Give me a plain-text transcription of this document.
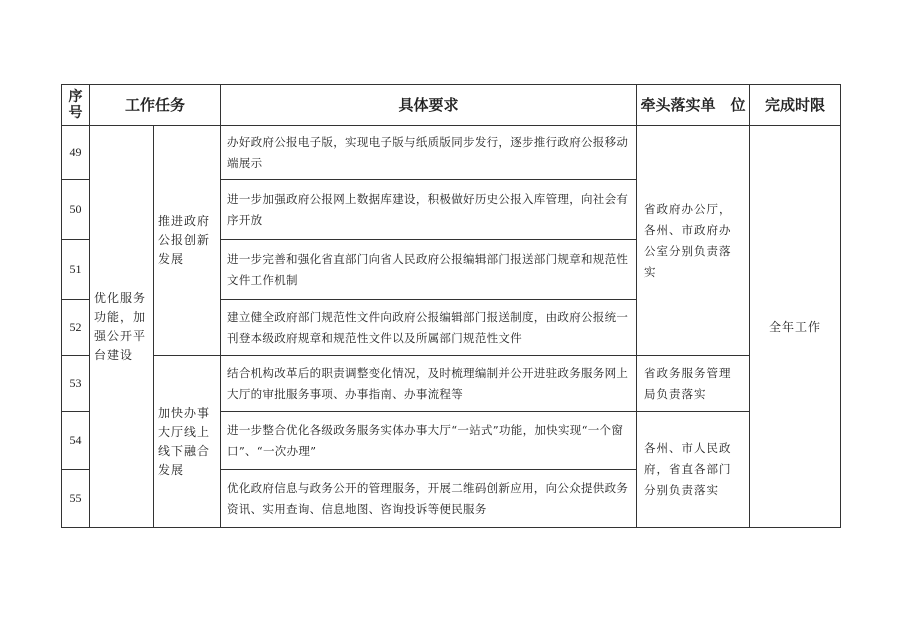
序号	工作任务		具体要求	牵头落实单　位	完成时限
49	优化服务功能，加强公开平台建设	推进政府公报创新发展	办好政府公报电子版，实现电子版与纸质版同步发行，逐步推行政府公报移动端展示	省政府办公厅，各州、市政府办公室分别负责落实	全年工作
50			进一步加强政府公报网上数据库建设，积极做好历史公报入库管理，向社会有序开放		
51			进一步完善和强化省直部门向省人民政府公报编辑部门报送部门规章和规范性文件工作机制		
52			建立健全政府部门规范性文件向政府公报编辑部门报送制度，由政府公报统一刊登本级政府规章和规范性文件以及所属部门规范性文件		
53		加快办事大厅线上线下融合发展	结合机构改革后的职责调整变化情况，及时梳理编制并公开进驻政务服务网上大厅的审批服务事项、办事指南、办事流程等	省政务服务管理局负责落实	
54			进一步整合优化各级政务服务实体办事大厅“一站式”功能，加快实现“一个窗口”、“一次办理”	各州、市人民政府，省直各部门分别负责落实	
55			优化政府信息与政务公开的管理服务，开展二维码创新应用，向公众提供政务资讯、实用查询、信息地图、咨询投诉等便民服务		
